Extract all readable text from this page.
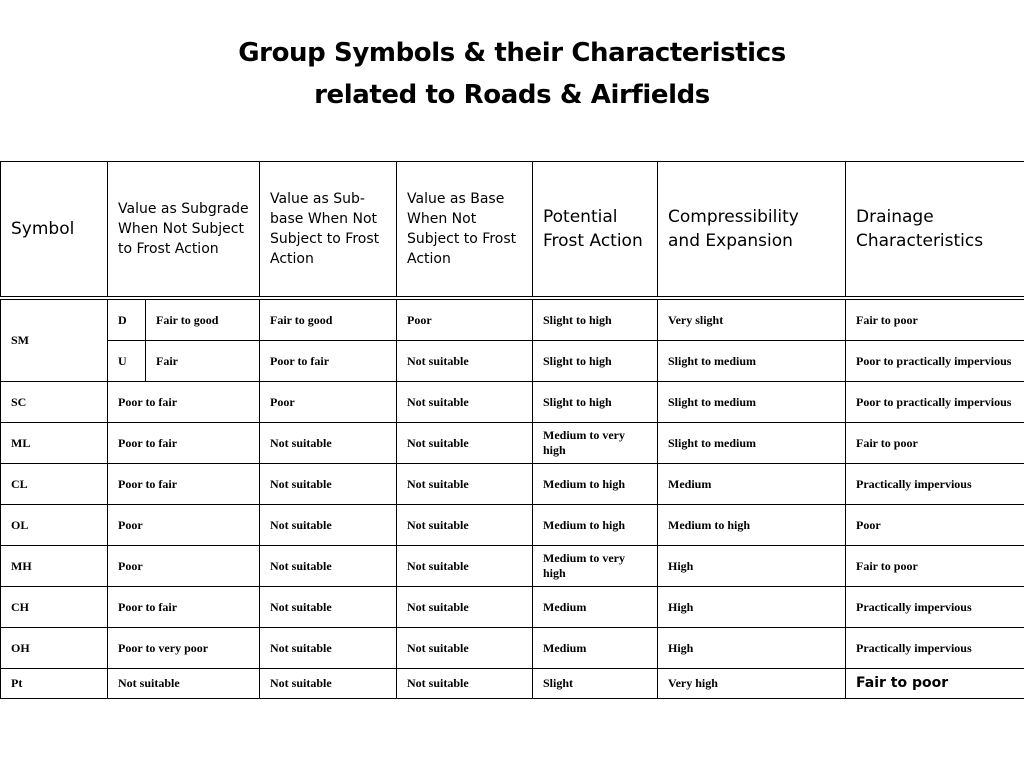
Group Symbols & their Characteristics
related to Roads & Airfields
Symbol	Value as Subgrade When Not Subject to Frost Action		Value as Sub-base When Not Subject to Frost Action	Value as Base When Not Subject to Frost Action	Potential Frost Action	Compressibility and Expansion	Drainage Characteristics
SM	D	Fair to good	Fair to good	Poor	Slight to high	Very slight	Fair to poor
	U	Fair	Poor to fair	Not suitable	Slight to high	Slight to medium	Poor to practically impervious
SC	Poor to fair		Poor	Not suitable	Slight to high	Slight to medium	Poor to practically impervious
ML	Poor to fair		Not suitable	Not suitable	Medium to very high	Slight to medium	Fair to poor
CL	Poor to fair		Not suitable	Not suitable	Medium to high	Medium	Practically impervious
OL	Poor		Not suitable	Not suitable	Medium to high	Medium to high	Poor
MH	Poor		Not suitable	Not suitable	Medium to very high	High	Fair to poor
CH	Poor to fair		Not suitable	Not suitable	Medium	High	Practically impervious
OH	Poor to very poor		Not suitable	Not suitable	Medium	High	Practically impervious
Pt	Not suitable		Not suitable	Not suitable	Slight	Very high	Fair to poor
